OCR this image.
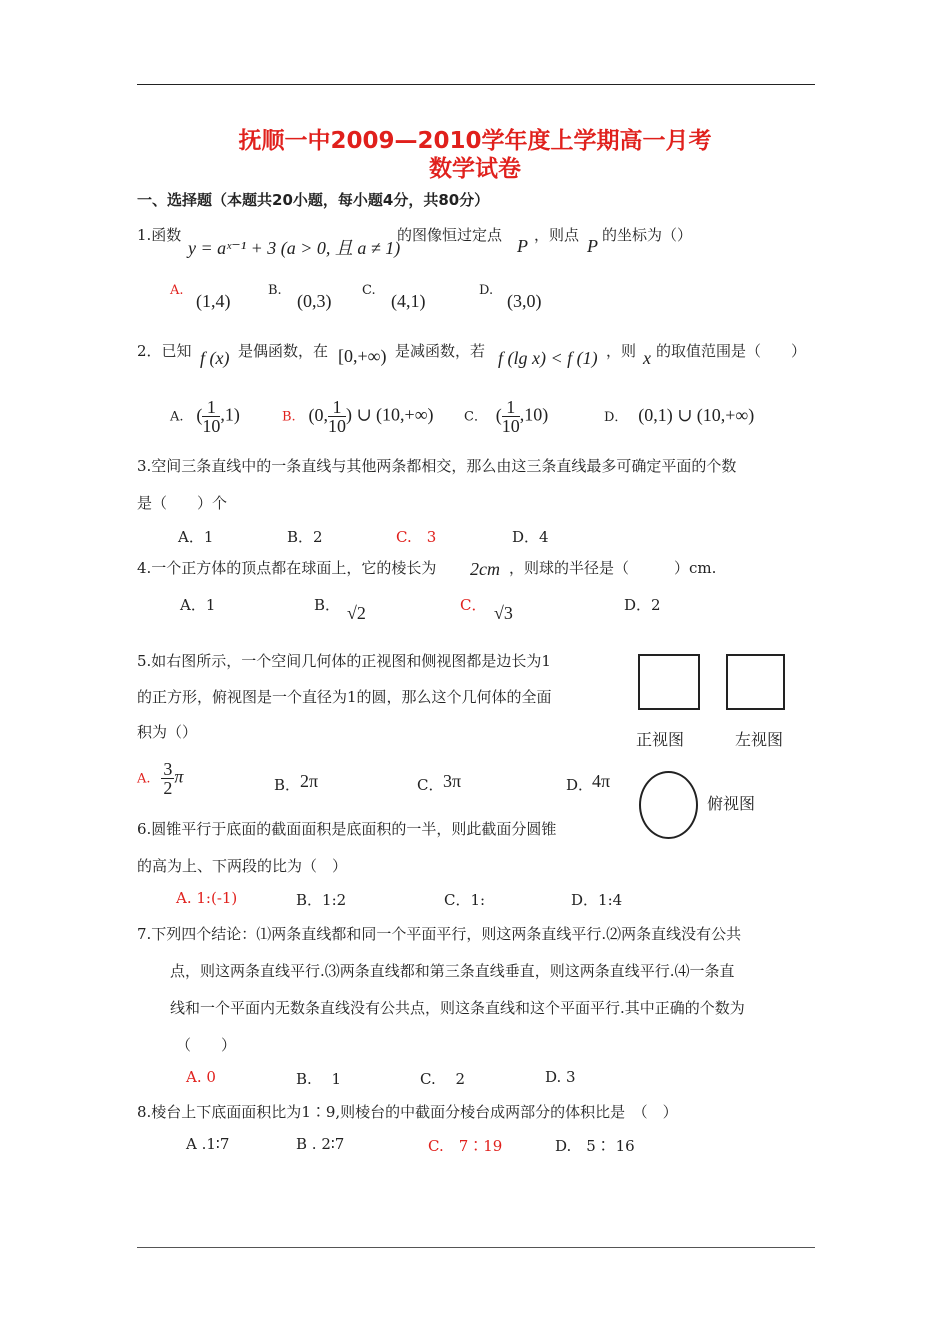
抚顺一中2009—2010学年度上学期高一月考
数学试卷
一、选择题（本题共20小题，每小题4分，共80分）
1.函数
y = aˣ⁻¹ + 3 (a > 0, 且 a ≠ 1)
的图像恒过定点
P
，则点
P
的坐标为（）
A.
(1,4)
B.
(0,3)
C.
(4,1)
D.
(3,0)
2．已知 f (x) 是偶函数，在 [0,+∞) 是减函数，若 f (lg x) < f (1) ，则 x 的取值范围是（　　）
A. ( $\frac{1}{10} ,1$)	B. (0, $\frac{1}{10}$ ) ∪ (10,+∞) C． ( $\frac{1}{10} ,10$)	D． (0,1) ∪ (10,+∞)
3.空间三条直线中的一条直线与其他两条都相交，那么由这三条直线最多可确定平面的个数
是（　　）个
A．1	B．2	C.　3	D．4
4.一个正方体的顶点都在球面上，它的棱长为 2cm ，则球的半径是（　　　）cm.
A．1	B． √2	C． √3	D．2
5.如右图所示，一个空间几何体的正视图和侧视图都是边长为1
的正方形，俯视图是一个直径为1的圆，那么这个几何体的全面
积为（）
A. $\frac{3}{2}$ π	B． 2π	C． 3π	D．
4π
正视图	左视图
俯视图
6.圆锥平行于底面的截面面积是底面积的一半，则此截面分圆锥
的高为上、下两段的比为（　）
A. 1:(-1)	B．1:2	C．1:	D．1:4
7.下列四个结论：⑴两条直线都和同一个平面平行，则这两条直线平行.⑵两条直线没有公共
点，则这两条直线平行.⑶两条直线都和第三条直线垂直，则这两条直线平行.⑷一条直
线和一个平面内无数条直线没有公共点，则这条直线和这个平面平行.其中正确的个数为
（　　）
A. 0	B.　 1	C.　 2	D. 3
8.棱台上下底面面积比为1∶9,则棱台的中截面分棱台成两部分的体积比是　（　）
A .1∶7	B . 2∶7	C.　7∶19	D.　5∶ 16
